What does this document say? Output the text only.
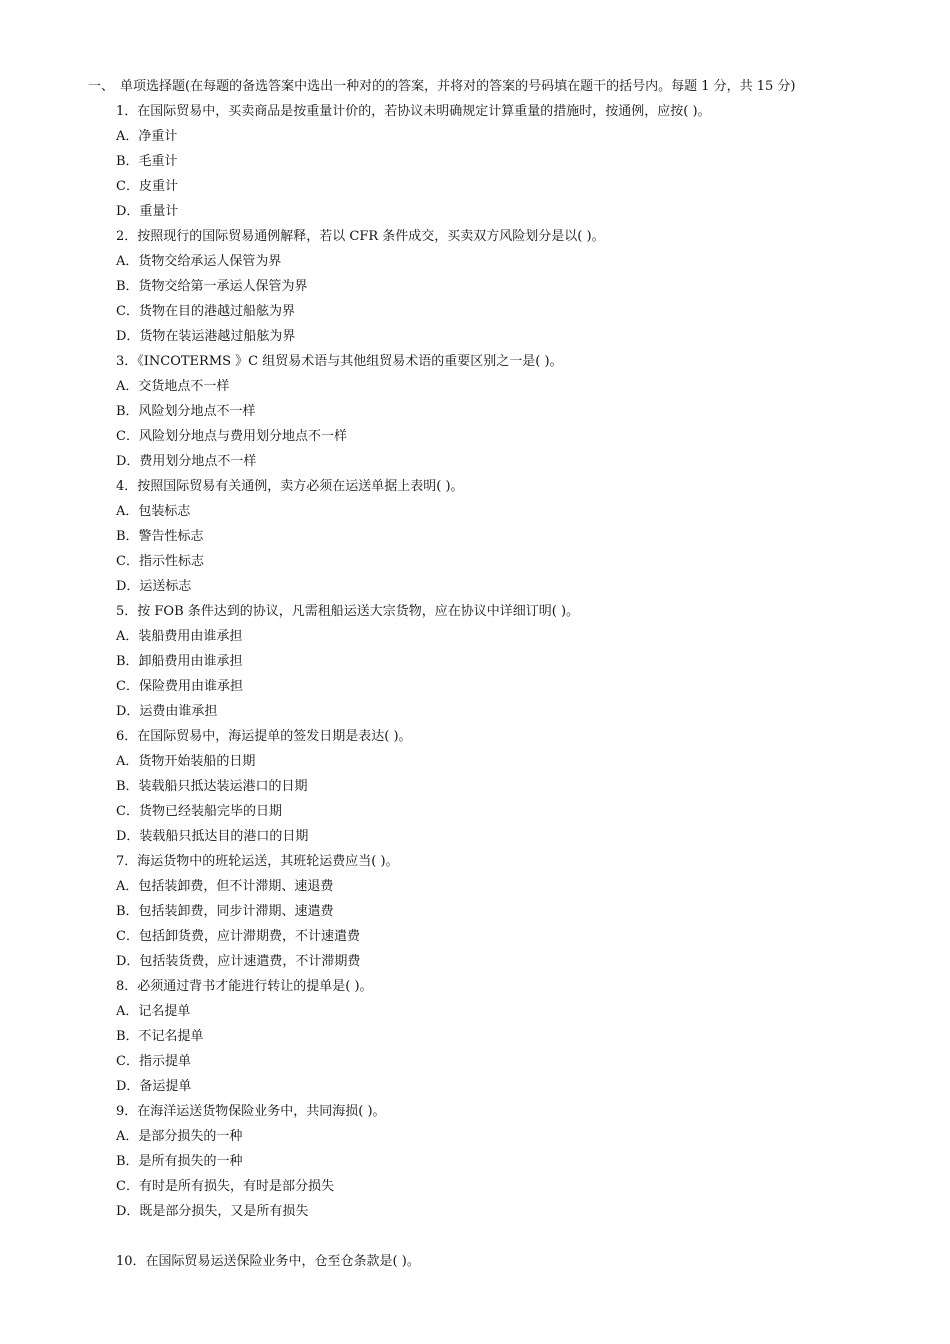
一、 单项选择题(在每题的备选答案中选出一种对的的答案，并将对的答案的号码填在题干的括号内。每题 1 分，共 15 分)
1．在国际贸易中，买卖商品是按重量计价的，若协议未明确规定计算重量的措施时，按通例，应按( )。
A．净重计
B．毛重计
C．皮重计
D．重量计
2．按照现行的国际贸易通例解释，若以 CFR 条件成交，买卖双方风险划分是以( )。
A．货物交给承运人保管为界
B．货物交给第一承运人保管为界
C．货物在目的港越过船舷为界
D．货物在装运港越过船舷为界
3．《INCOTERMS 》C 组贸易术语与其他组贸易术语的重要区别之一是( )。
A．交货地点不一样
B．风险划分地点不一样
C．风险划分地点与费用划分地点不一样
D．费用划分地点不一样
4．按照国际贸易有关通例，卖方必须在运送单据上表明( )。
A．包装标志
B．警告性标志
C．指示性标志
D．运送标志
5．按 FOB 条件达到的协议，凡需租船运送大宗货物，应在协议中详细订明( )。
A．装船费用由谁承担
B．卸船费用由谁承担
C．保险费用由谁承担
D．运费由谁承担
6．在国际贸易中，海运提单的签发日期是表达( )。
A．货物开始装船的日期
B．装载船只抵达装运港口的日期
C．货物已经装船完毕的日期
D．装载船只抵达目的港口的日期
7．海运货物中的班轮运送，其班轮运费应当( )。
A．包括装卸费，但不计滞期、速退费
B．包括装卸费，同步计滞期、速遣费
C．包括卸货费，应计滞期费，不计速遣费
D．包括装货费，应计速遣费，不计滞期费
8．必须通过背书才能进行转让的提单是( )。
A．记名提单
B．不记名提单
C．指示提单
D．备运提单
9．在海洋运送货物保险业务中，共同海损( )。
A．是部分损失的一种
B．是所有损失的一种
C．有时是所有损失，有时是部分损失
D．既是部分损失，又是所有损失
10．在国际贸易运送保险业务中，仓至仓条款是( )。
